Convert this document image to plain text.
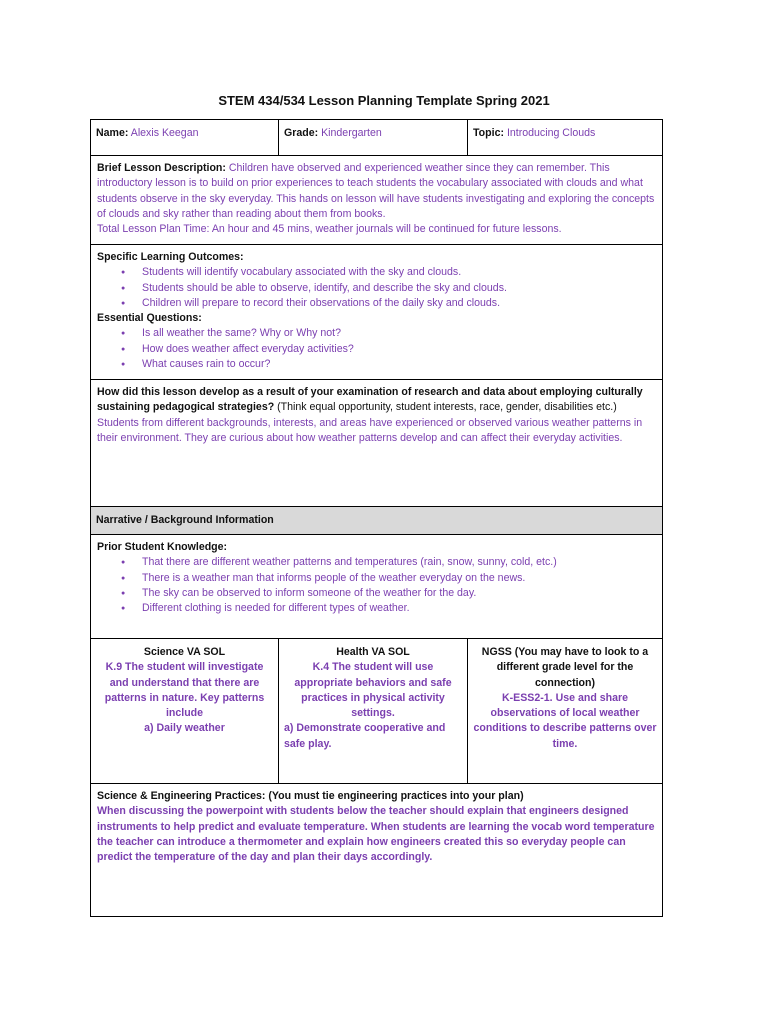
STEM 434/534 Lesson Planning Template Spring 2021
Name: Alexis Keegan	Grade: Kindergarten	Topic: Introducing Clouds
Brief Lesson Description: Children have observed and experienced weather since they can remember. This introductory lesson is to build on prior experiences to teach students the vocabulary associated with clouds and what students observe in the sky everyday. This hands on lesson will have students investigating and exploring the concepts of clouds and sky rather than reading about them from books.
Total Lesson Plan Time: An hour and 45 mins, weather journals will be continued for future lessons.
Specific Learning Outcomes:
● Students will identify vocabulary associated with the sky and clouds.
● Students should be able to observe, identify, and describe the sky and clouds.
● Children will prepare to record their observations of the daily sky and clouds.
Essential Questions:
● Is all weather the same? Why or Why not?
● How does weather affect everyday activities?
● What causes rain to occur?
How did this lesson develop as a result of your examination of research and data about employing culturally sustaining pedagogical strategies? (Think equal opportunity, student interests, race, gender, disabilities etc.) Students from different backgrounds, interests, and areas have experienced or observed various weather patterns in their environment. They are curious about how weather patterns develop and can affect their everyday activities.
Narrative / Background Information
Prior Student Knowledge:
● That there are different weather patterns and temperatures (rain, snow, sunny, cold, etc.)
● There is a weather man that informs people of the weather everyday on the news.
● The sky can be observed to inform someone of the weather for the day.
● Different clothing is needed for different types of weather.
Science VA SOL
K.9 The student will investigate and understand that there are patterns in nature. Key patterns include
a) Daily weather
Health VA SOL
K.4 The student will use appropriate behaviors and safe practices in physical activity settings.
a) Demonstrate cooperative and safe play.
NGSS (You may have to look to a different grade level for the connection)
K-ESS2-1. Use and share observations of local weather conditions to describe patterns over time.
Science & Engineering Practices: (You must tie engineering practices into your plan)
When discussing the powerpoint with students below the teacher should explain that engineers designed instruments to help predict and evaluate temperature. When students are learning the vocab word temperature the teacher can introduce a thermometer and explain how engineers created this so everyday people can predict the temperature of the day and plan their days accordingly.
